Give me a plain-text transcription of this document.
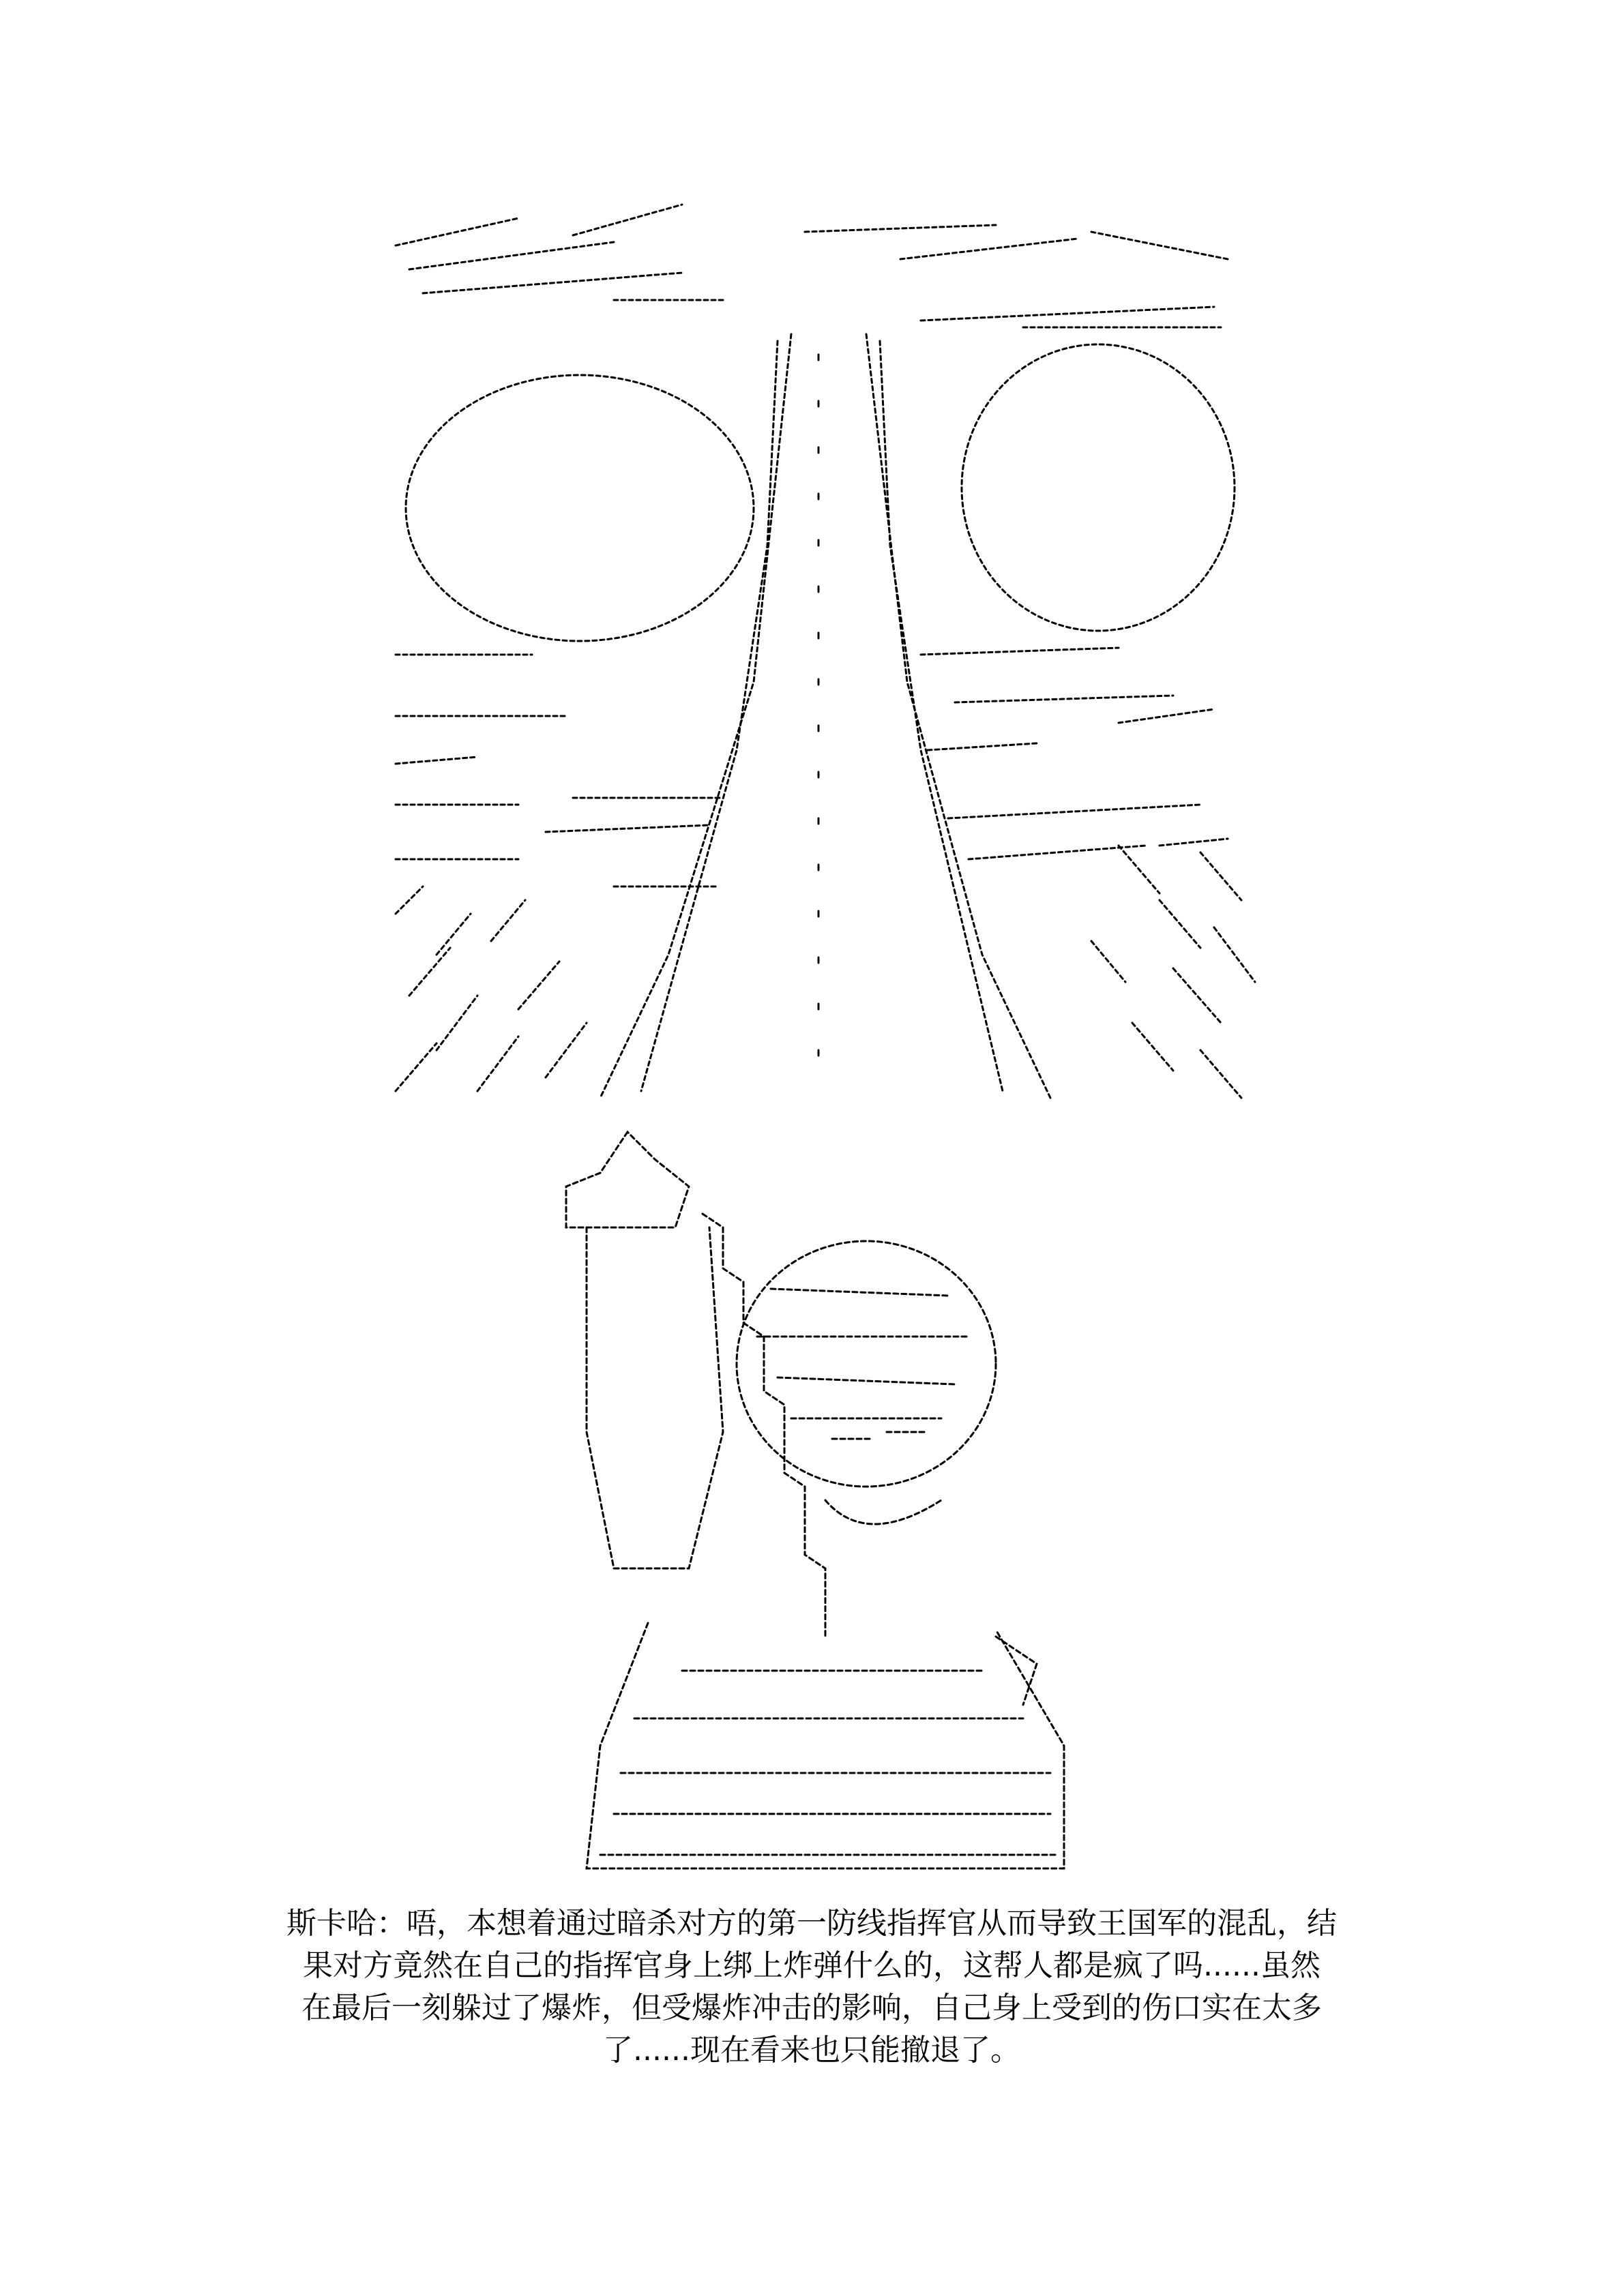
斯卡哈：唔，本想着通过暗杀对方的第一防线指挥官从而导致王国军的混乱，结
果对方竟然在自己的指挥官身上绑上炸弹什么的，这帮人都是疯了吗......虽然
在最后一刻躲过了爆炸，但受爆炸冲击的影响，自己身上受到的伤口实在太多
了......现在看来也只能撤退了。
